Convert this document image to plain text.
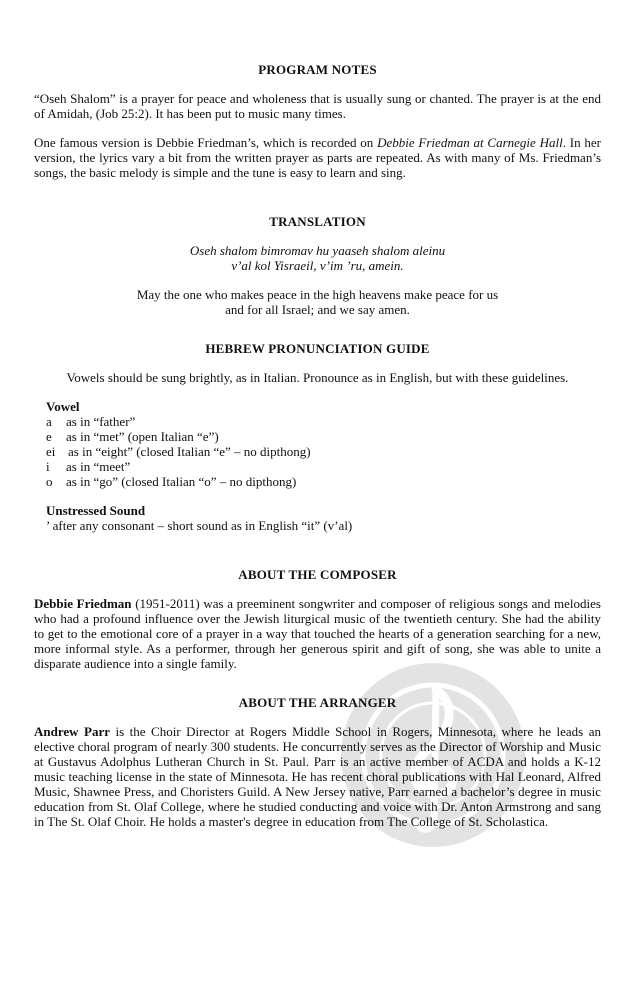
PROGRAM NOTES

“Oseh Shalom” is a prayer for peace and wholeness that is usually sung or chanted. The prayer is at the end of Amidah, (Job 25:2). It has been put to music many times.

One famous version is Debbie Friedman’s, which is recorded on Debbie Friedman at Carnegie Hall. In her version, the lyrics vary a bit from the written prayer as parts are repeated. As with many of Ms. Friedman’s songs, the basic melody is simple and the tune is easy to learn and sing.

TRANSLATION

Oseh shalom bimromav hu yaaseh shalom aleinu

v’al kol Yisraeil, v’im ’ru, amein.

May the one who makes peace in the high heavens make peace for us

and for all Israel; and we say amen.

HEBREW PRONUNCIATION GUIDE

Vowels should be sung brightly, as in Italian. Pronounce as in English, but with these guidelines.

Vowel

a	as in “father”
e	as in “met” (open Italian “e”)
ei as in “eight” (closed Italian “e” – no dipthong)
i	as in “meet”
o	as in “go” (closed Italian “o” – no dipthong)

Unstressed Sound

’ after any consonant – short sound as in English “it” (v’al)

ABOUT THE COMPOSER

Debbie Friedman (1951-2011) was a preeminent songwriter and composer of religious songs and melodies who had a profound influence over the Jewish liturgical music of the twentieth century. She had the ability to get to the emotional core of a prayer in a way that touched the hearts of a generation searching for a new, more informal style. As a performer, through her generous spirit and gift of song, she was able to unite a disparate audience into a single family.

ABOUT THE ARRANGER

Andrew Parr is the Choir Director at Rogers Middle School in Rogers, Minnesota, where he leads an elective choral program of nearly 300 students. He concurrently serves as the Director of Worship and Music at Gustavus Adolphus Lutheran Church in St. Paul. Parr is an active member of ACDA and holds a K-12 music teaching license in the state of Minnesota. He has recent choral publications with Hal Leonard, Alfred Music, Shawnee Press, and Choristers Guild. A New Jersey native, Parr earned a bachelor’s degree in music education from St. Olaf College, where he studied conducting and voice with Dr. Anton Armstrong and sang in The St. Olaf Choir. He holds a master's degree in education from The College of St. Scholastica.
